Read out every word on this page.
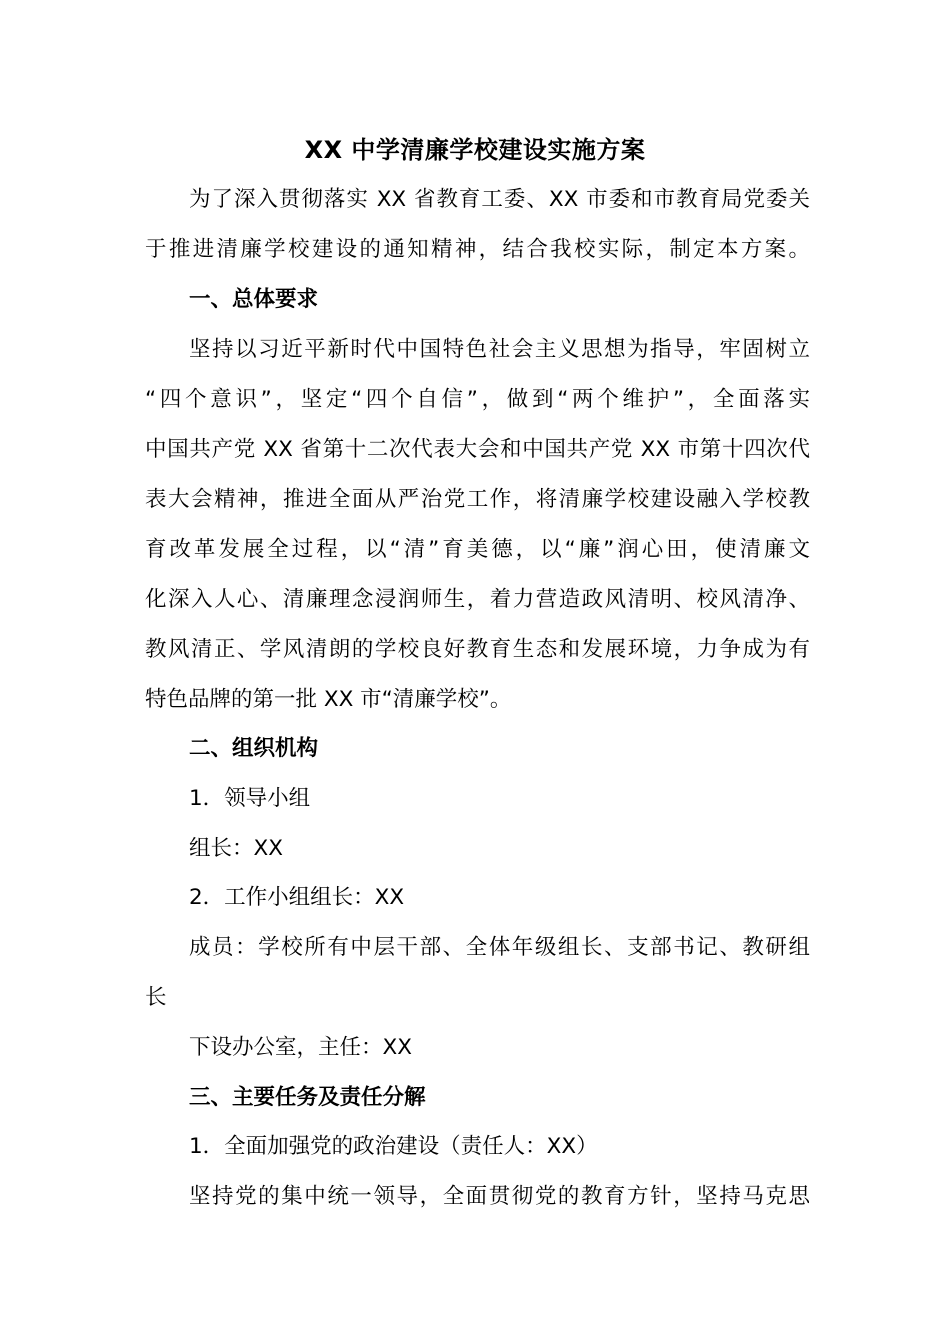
XX 中学清廉学校建设实施方案
为了深入贯彻落实 XX 省教育工委、XX 市委和市教育局党委关
于推进清廉学校建设的通知精神，结合我校实际，制定本方案。
一、总体要求
坚持以习近平新时代中国特色社会主义思想为指导，牢固树立
“四个意识”，坚定“四个自信”，做到“两个维护”，全面落实
中国共产党 XX 省第十二次代表大会和中国共产党 XX 市第十四次代
表大会精神，推进全面从严治党工作，将清廉学校建设融入学校教
育改革发展全过程，以“清”育美德，以“廉”润心田，使清廉文
化深入人心、清廉理念浸润师生，着力营造政风清明、校风清净、
教风清正、学风清朗的学校良好教育生态和发展环境，力争成为有
特色品牌的第一批 XX 市“清廉学校”。
二、组织机构
1．领导小组
组长：XX
2．工作小组组长：XX
成员：学校所有中层干部、全体年级组长、支部书记、教研组
长
下设办公室，主任：XX
三、主要任务及责任分解
1．全面加强党的政治建设（责任人：XX）
坚持党的集中统一领导，全面贯彻党的教育方针，坚持马克思
